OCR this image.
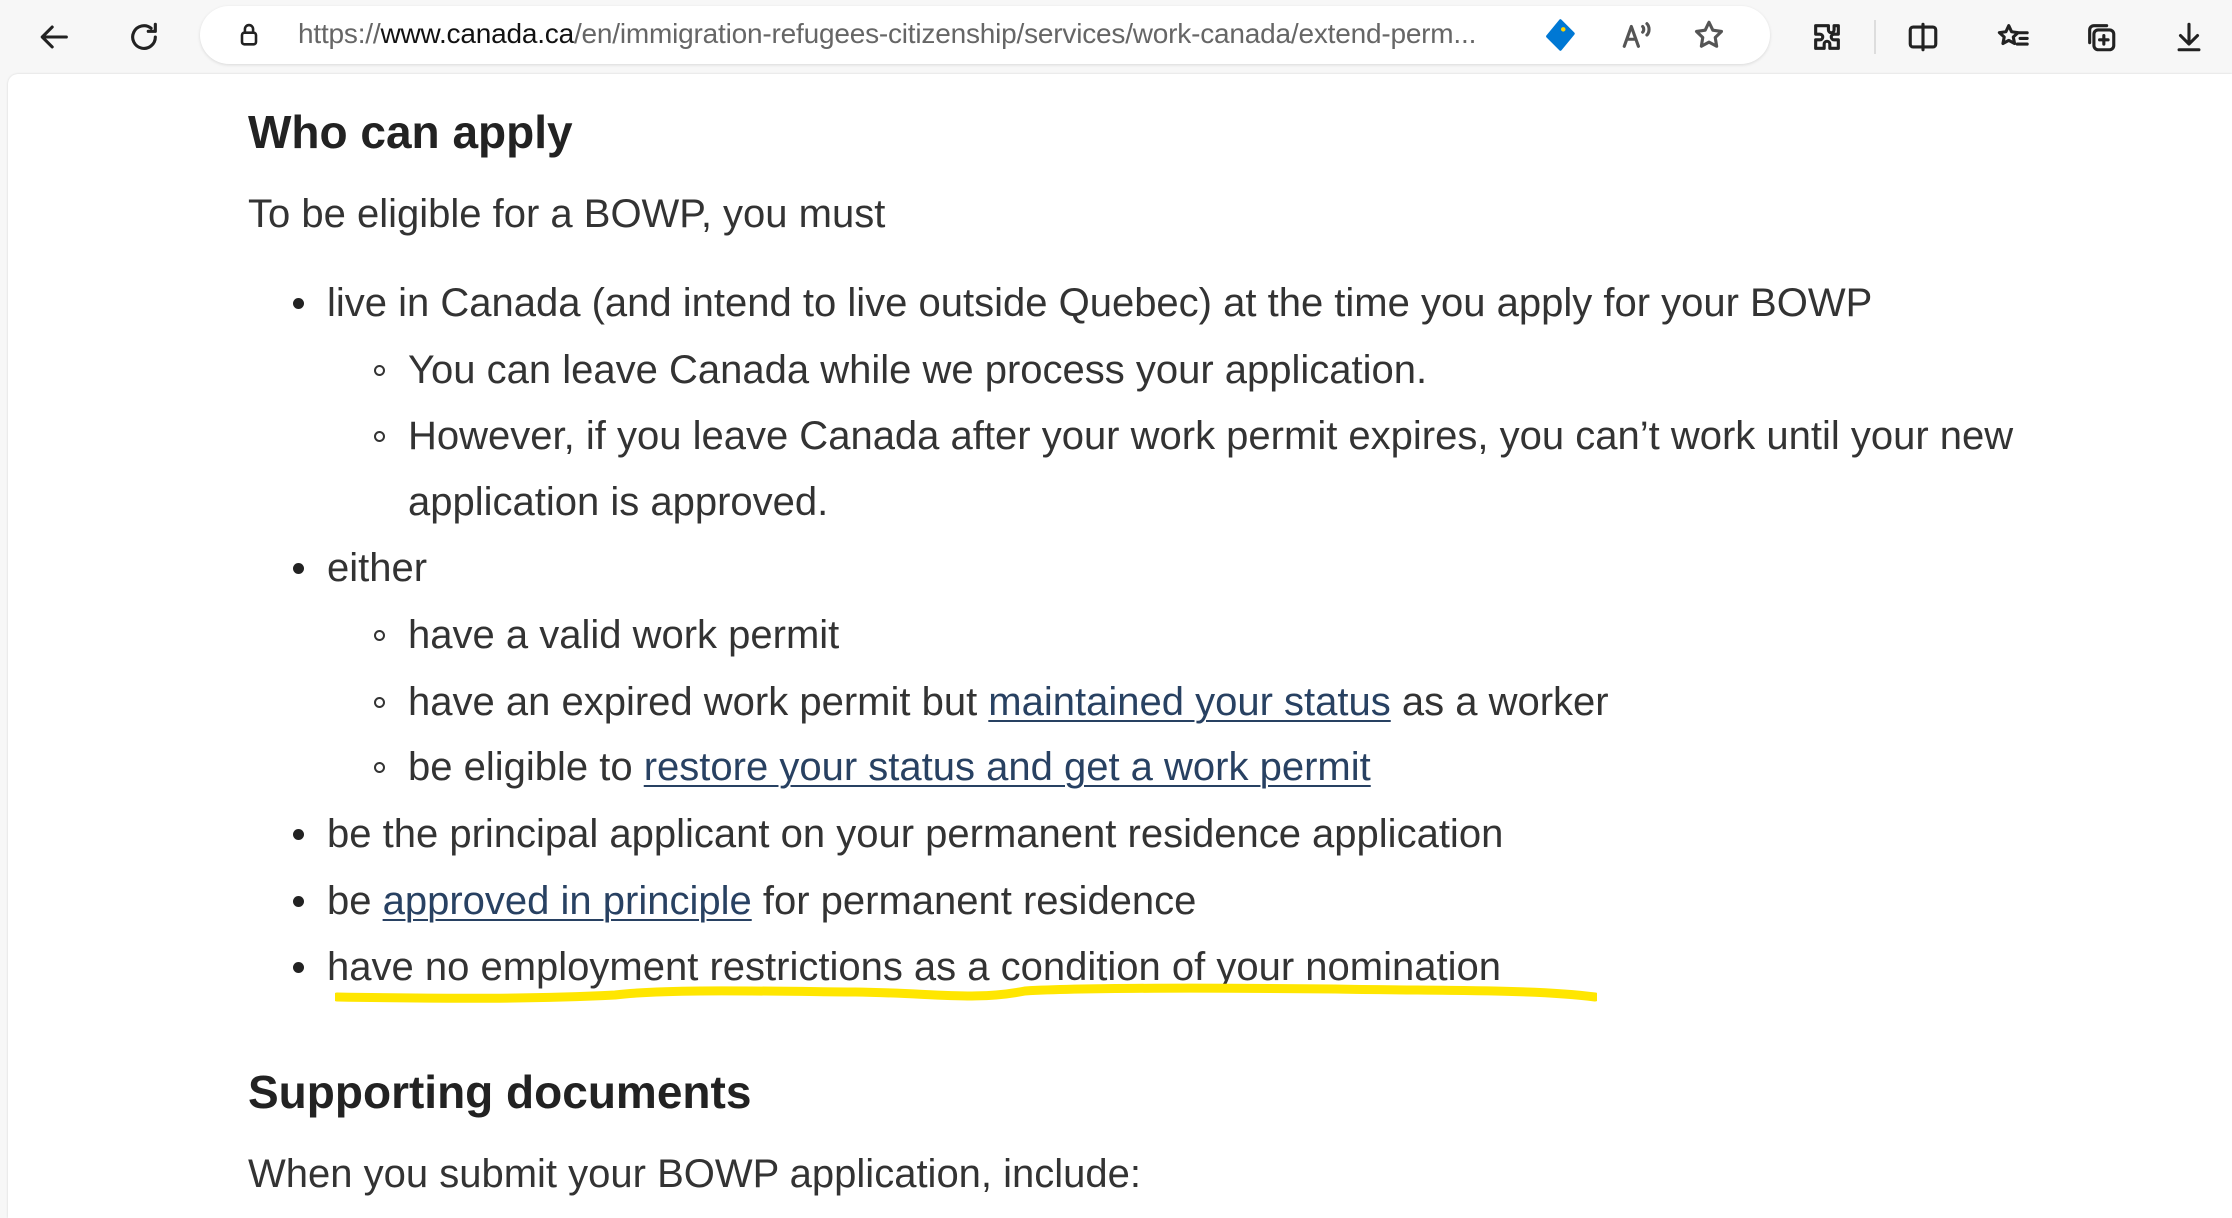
https://www.canada.ca/en/immigration-refugees-citizenship/services/work-canada/extend-perm...
Who can apply
To be eligible for a BOWP, you must
live in Canada (and intend to live outside Quebec) at the time you apply for your BOWP
You can leave Canada while we process your application.
However, if you leave Canada after your work permit expires, you can’t work until your new
application is approved.
either
have a valid work permit
have an expired work permit but maintained your status as a worker
be eligible to restore your status and get a work permit
be the principal applicant on your permanent residence application
be approved in principle for permanent residence
have no employment restrictions as a condition of your nomination
Supporting documents
When you submit your BOWP application, include:
